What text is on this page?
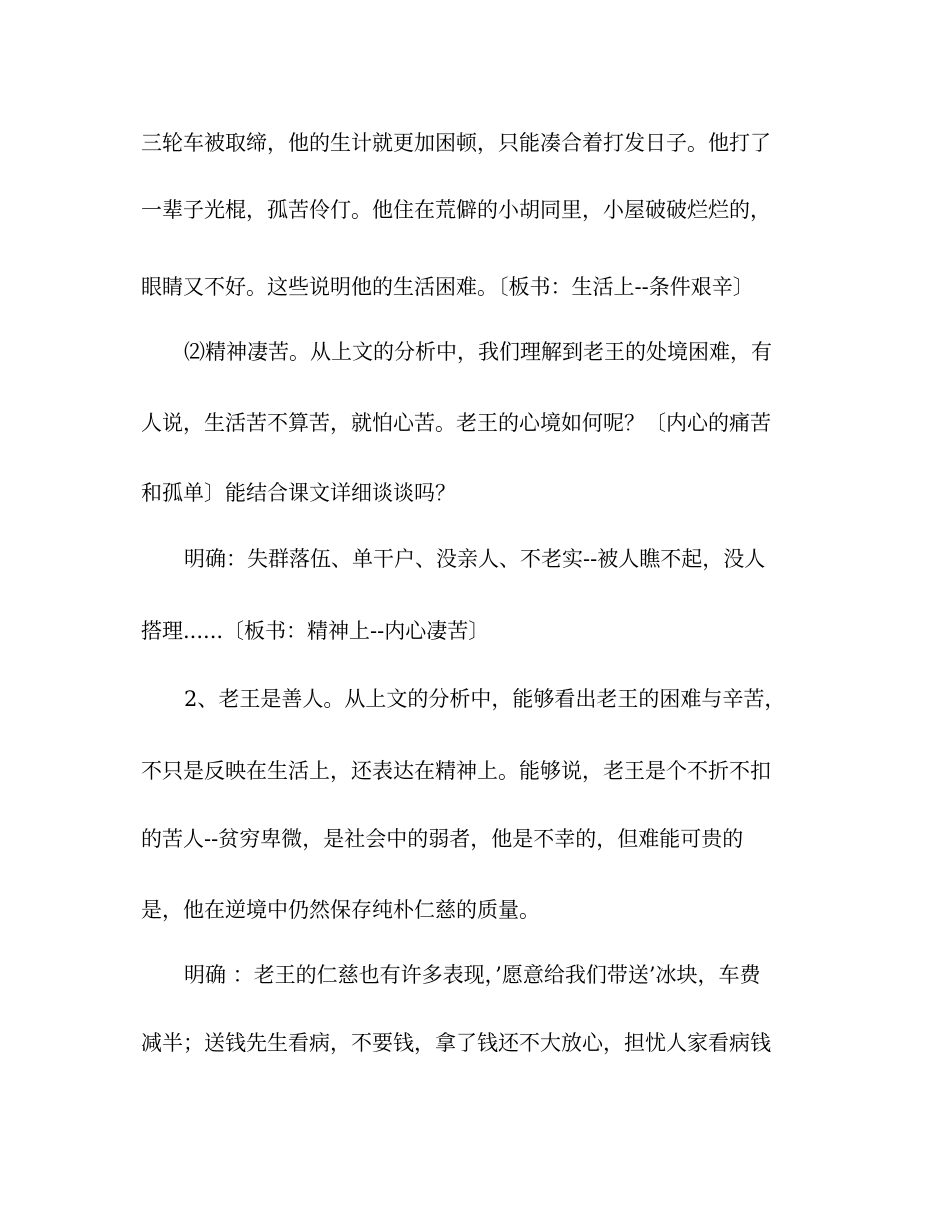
三轮车被取缔，他的生计就更加困顿，只能凑合着打发日子。他打了
一辈子光棍，孤苦伶仃。他住在荒僻的小胡同里，小屋破破烂烂的，
眼睛又不好。这些说明他的生活困难。〔板书：生活上--条件艰辛〕
⑵精神凄苦。从上文的分析中，我们理解到老王的处境困难，有
人说，生活苦不算苦，就怕心苦。老王的心境如何呢？〔内心的痛苦
和孤单〕能结合课文详细谈谈吗？
明确：失群落伍、单干户、没亲人、不老实--被人瞧不起，没人
搭理......〔板书：精神上--内心凄苦〕
2、老王是善人。从上文的分析中，能够看出老王的困难与辛苦，
不只是反映在生活上，还表达在精神上。能够说，老王是个不折不扣
的苦人--贫穷卑微，是社会中的弱者，他是不幸的，但难能可贵的
是，他在逆境中仍然保存纯朴仁慈的质量。
明确 ：老王的仁慈也有许多表现，’愿意给我们带送’冰块，车费
减半；送钱先生看病，不要钱，拿了钱还不大放心，担忧人家看病钱
